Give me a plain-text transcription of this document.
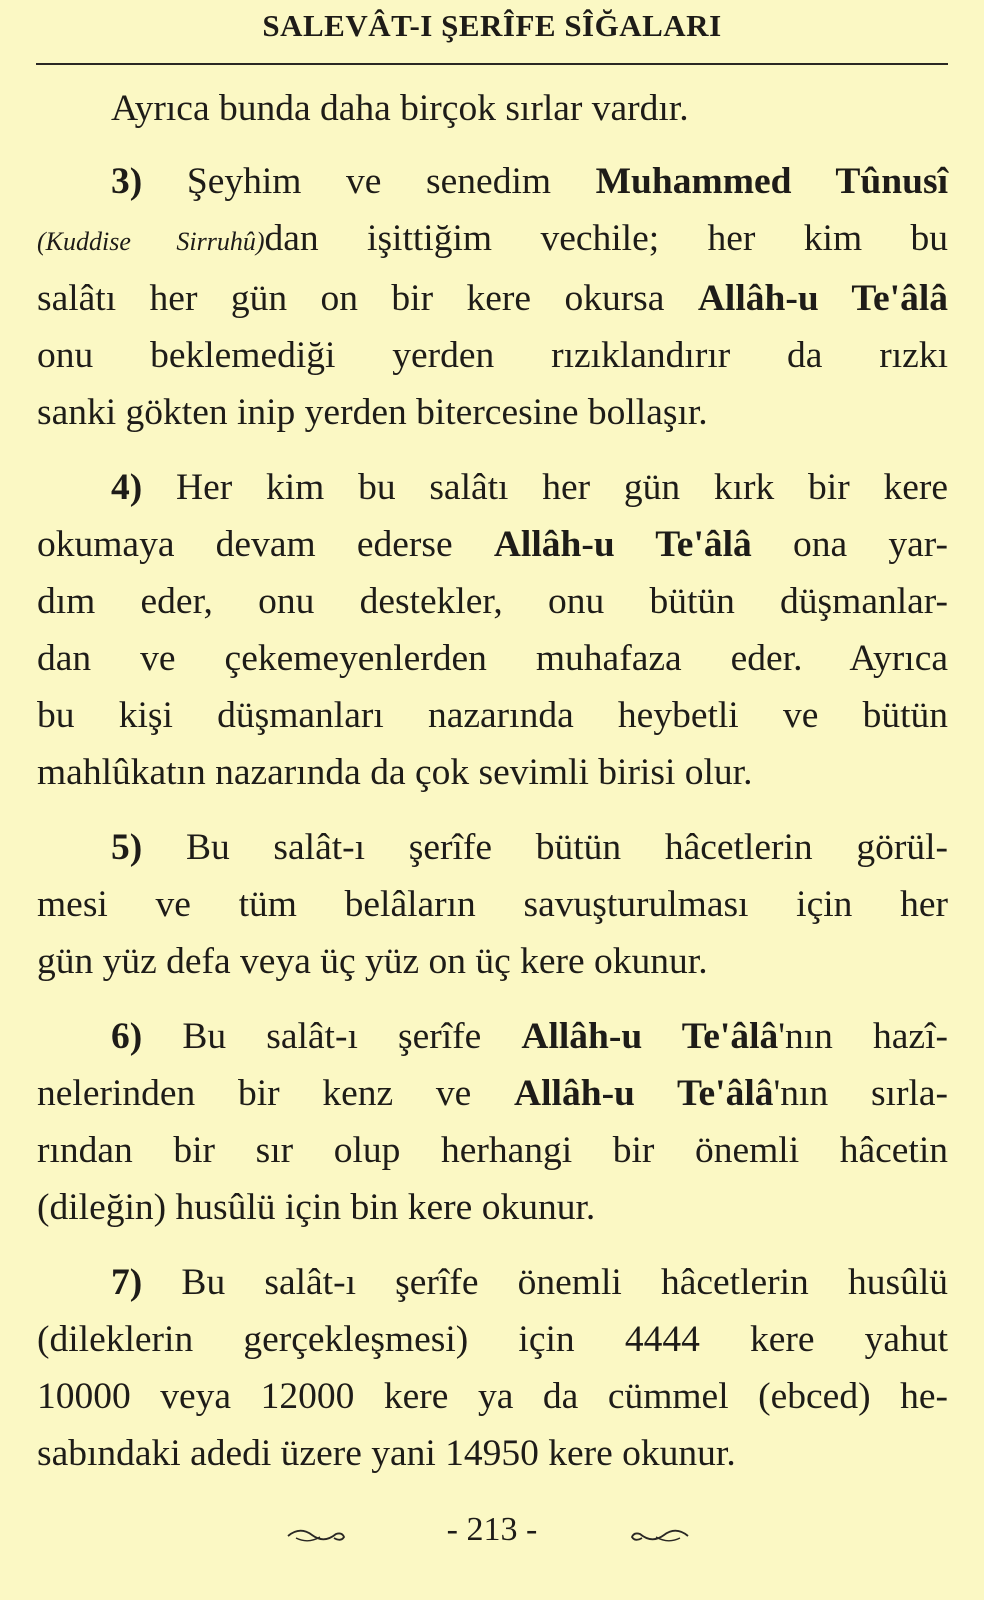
SALEVÂT-I ŞERÎFE SÎĞALARI
Ayrıca bunda daha birçok sırlar vardır.
3) Şeyhim ve senedim Muhammed Tûnusî
(Kuddise Sirruhû)dan işittiğim vechile; her kim bu
salâtı her gün on bir kere okursa Allâh-u Te'âlâ
onu beklemediği yerden rızıklandırır da rızkı
sanki gökten inip yerden bitercesine bollaşır.
4) Her kim bu salâtı her gün kırk bir kere
okumaya devam ederse Allâh-u Te'âlâ ona yar-
dım eder, onu destekler, onu bütün düşmanlar-
dan ve çekemeyenlerden muhafaza eder. Ayrıca
bu kişi düşmanları nazarında heybetli ve bütün
mahlûkatın nazarında da çok sevimli birisi olur.
5) Bu salât-ı şerîfe bütün hâcetlerin görül-
mesi ve tüm belâların savuşturulması için her
gün yüz defa veya üç yüz on üç kere okunur.
6) Bu salât-ı şerîfe Allâh-u Te'âlâ'nın hazî-
nelerinden bir kenz ve Allâh-u Te'âlâ'nın sırla-
rından bir sır olup herhangi bir önemli hâcetin
(dileğin) husûlü için bin kere okunur.
7) Bu salât-ı şerîfe önemli hâcetlerin husûlü
(dileklerin gerçekleşmesi) için 4444 kere yahut
10000 veya 12000 kere ya da cümmel (ebced) he-
sabındaki adedi üzere yani 14950 kere okunur.
- 213 -
